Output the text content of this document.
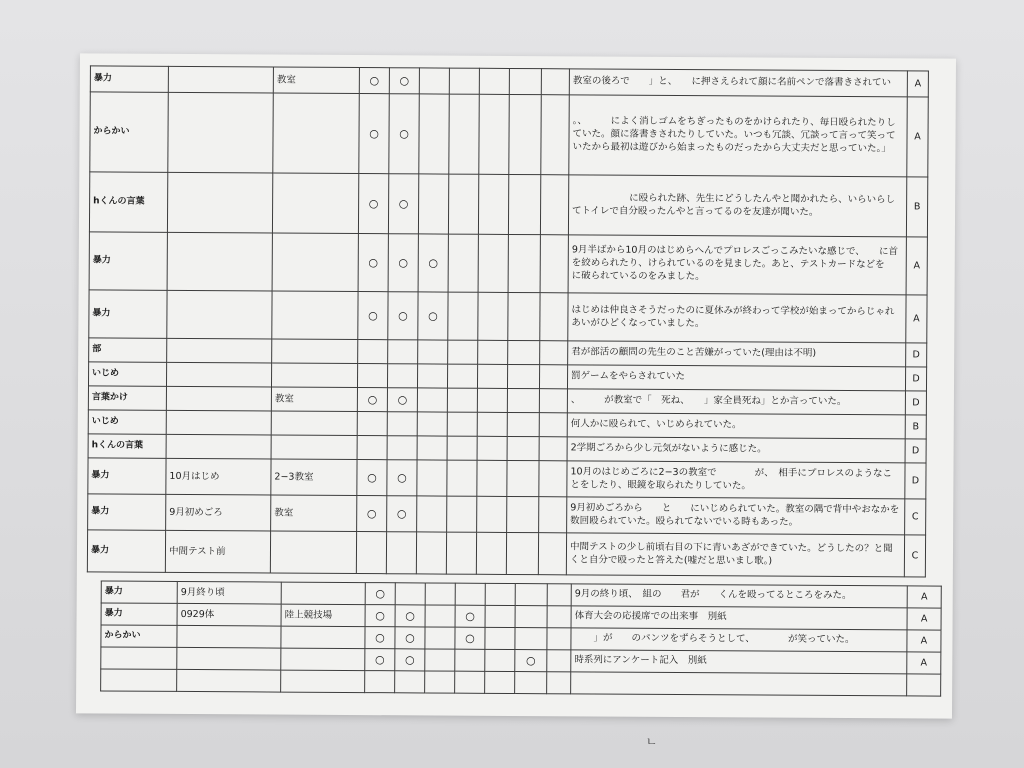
暴力		教室	○	○						教室の後ろで　　」と、　　に押さえられて顔に名前ペンで落書きされてい	A
からかい			○	○						。、　　　によく消しゴムをちぎったものをかけられたり、毎日殴られたりしていた。顔に落書きされたりしていた。いつも冗談、冗談って言って笑っていたから最初は遊びから始まったものだったから大丈夫だと思っていた。」	A
hくんの言葉			○	○						　　　　　　に殴られた跡、先生にどうしたんやと聞かれたら、いらいらしてトイレで自分殴ったんやと言ってるのを友達が聞いた。	B
暴力			○	○	○					9月半ばから10月のはじめらへんでプロレスごっこみたいな感じで、　　に首を絞められたり、けられているのを見ました。あと、テストカードなどを　　に破られているのをみました。	A
暴力			○	○	○					はじめは仲良さそうだったのに夏休みが終わって学校が始まってからじゃれあいがひどくなっていました。	A
部										君が部活の顧問の先生のこと苦嫌がっていた(理由は不明)	D
いじめ										罰ゲームをやらされていた	D
言葉かけ		教室	○	○						、　　　が教室で「　死ね、　　」家全員死ね」とか言っていた。	D
いじめ										何人かに殴られて、いじめられていた。	B
hくんの言葉										2学期ごろから少し元気がないように感じた。	D
暴力	10月はじめ	2−3教室	○	○						10月のはじめごろに2−3の教室で　　　　が、　相手にプロレスのようなことをしたり、眼鏡を取られたりしていた。	D
暴力	9月初めごろ	教室	○	○						9月初めごろから　　と　　にいじめられていた。教室の隅で背中やおなかを数回殴られていた。殴られてないでいる時もあった。	C
暴力	中間テスト前									中間テストの少し前頃右目の下に青いあざができていた。どうしたの？と聞くと自分で殴ったと答えた(嘘だと思いまし歌。)	C
暴力	9月終り頃		○							9月の終り頃、　組の　　君が　　くんを殴ってるところをみた。	A
暴力	0929体	陸上競技場	○	○		○				体育大会の応援席での出来事　別紙	A
からかい			○	○		○				　　」が　　のパンツをずらそうとして、　　　　が笑っていた。	A
			○	○				○		時系列にアンケート記入　別紙	A

ㄴ
